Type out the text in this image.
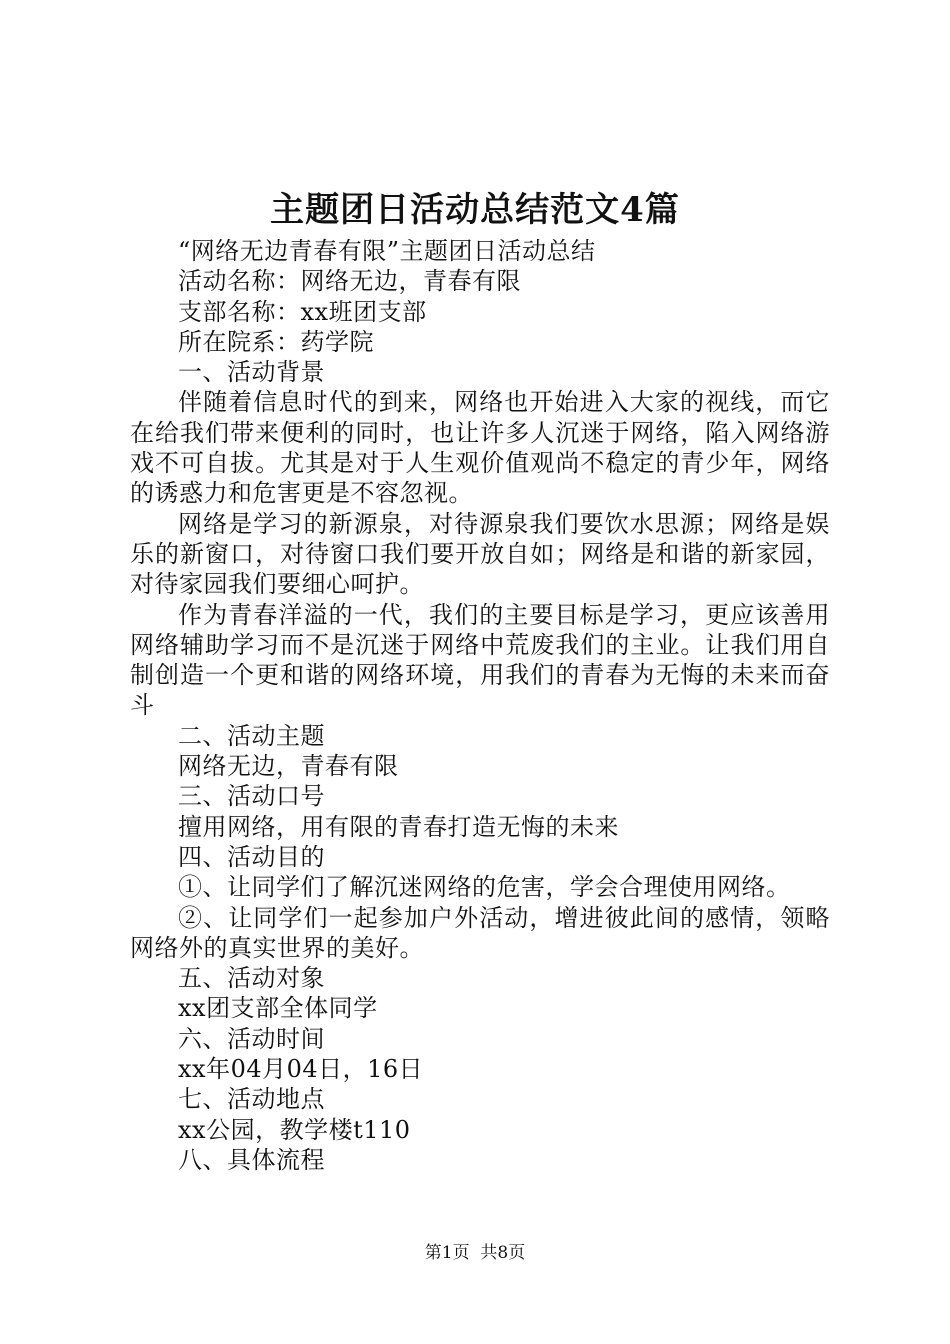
主题团日活动总结范文4篇

“网络无边青春有限”主题团日活动总结

活动名称：网络无边，青春有限

支部名称：xx班团支部

所在院系：药学院

一、活动背景

伴随着信息时代的到来，网络也开始进入大家的视线，而它在给我们带来便利的同时，也让许多人沉迷于网络，陷入网络游戏不可自拔。尤其是对于人生观价值观尚不稳定的青少年，网络的诱惑力和危害更是不容忽视。

网络是学习的新源泉，对待源泉我们要饮水思源；网络是娱乐的新窗口，对待窗口我们要开放自如；网络是和谐的新家园，对待家园我们要细心呵护。

作为青春洋溢的一代，我们的主要目标是学习，更应该善用网络辅助学习而不是沉迷于网络中荒废我们的主业。让我们用自制创造一个更和谐的网络环境，用我们的青春为无悔的未来而奋斗

二、活动主题

网络无边，青春有限

三、活动口号

擅用网络，用有限的青春打造无悔的未来

四、活动目的

①、让同学们了解沉迷网络的危害，学会合理使用网络。

②、让同学们一起参加户外活动，增进彼此间的感情，领略网络外的真实世界的美好。

五、活动对象

xx团支部全体同学

六、活动时间

xx年04月04日，16日

七、活动地点

xx公园，教学楼t110

八、具体流程

第1页 共8页
